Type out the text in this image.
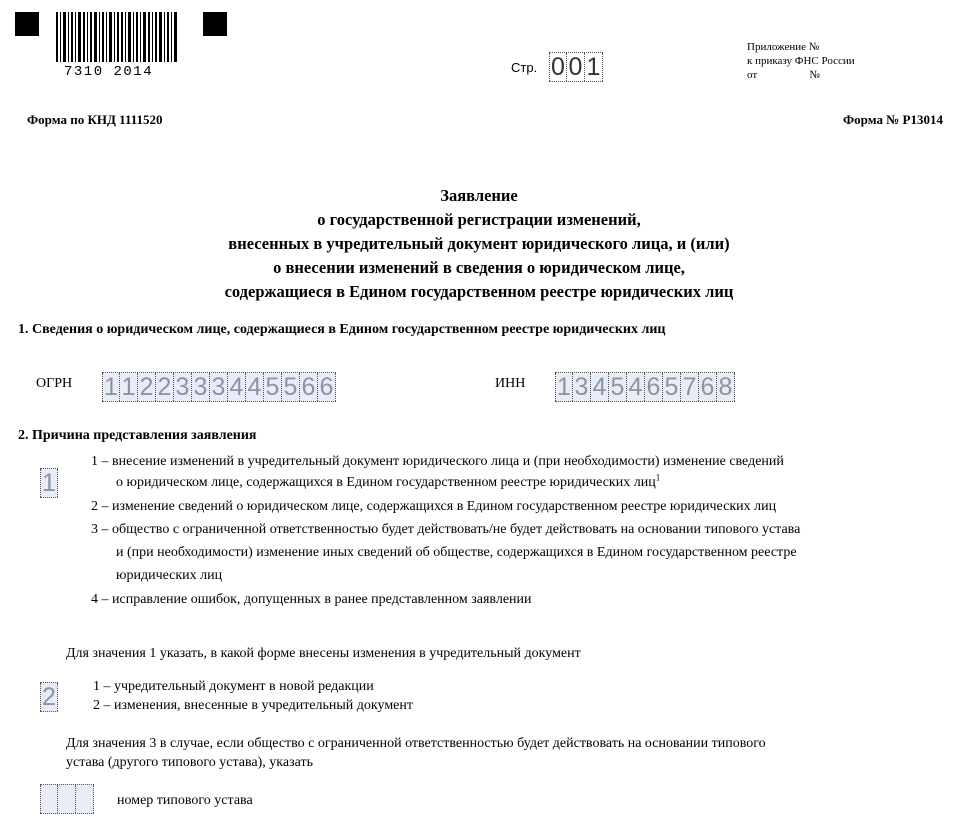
7310 2014	Стр. 0 0 1
Приложение №
к приказу ФНС России
от                   №
Форма по КНД 1111520	Форма № Р13014
Заявление
о государственной регистрации изменений,
внесенных в учредительный документ юридического лица, и (или)
о внесении изменений в сведения о юридическом лице,
содержащиеся в Едином государственном реестре юридических лиц
1. Сведения о юридическом лице, содержащиеся в Едином государственном реестре юридических лиц
ОГРН 1 1 2 2 3 3 3 4 4 5 5 6 6	ИНН 1 3 4 5 4 6 5 7 6 8
2. Причина представления заявления
1
1 – внесение изменений в учредительный документ юридического лица и (при необходимости) изменение сведений
о юридическом лице, содержащихся в Едином государственном реестре юридических лиц$^1$
2 – изменение сведений о юридическом лице, содержащихся в Едином государственном реестре юридических лиц
3 – общество с ограниченной ответственностью будет действовать/не будет действовать на основании типового устава
и (при необходимости) изменение иных сведений об обществе, содержащихся в Едином государственном реестре
юридических лиц
4 – исправление ошибок, допущенных в ранее представленном заявлении
Для значения 1 указать, в какой форме внесены изменения в учредительный документ
2	1 – учредительный документ в новой редакции
2 – изменения, внесенные в учредительный документ
Для значения 3 в случае, если общество с ограниченной ответственностью будет действовать на основании типового
устава (другого типового устава), указать
номер типового устава
